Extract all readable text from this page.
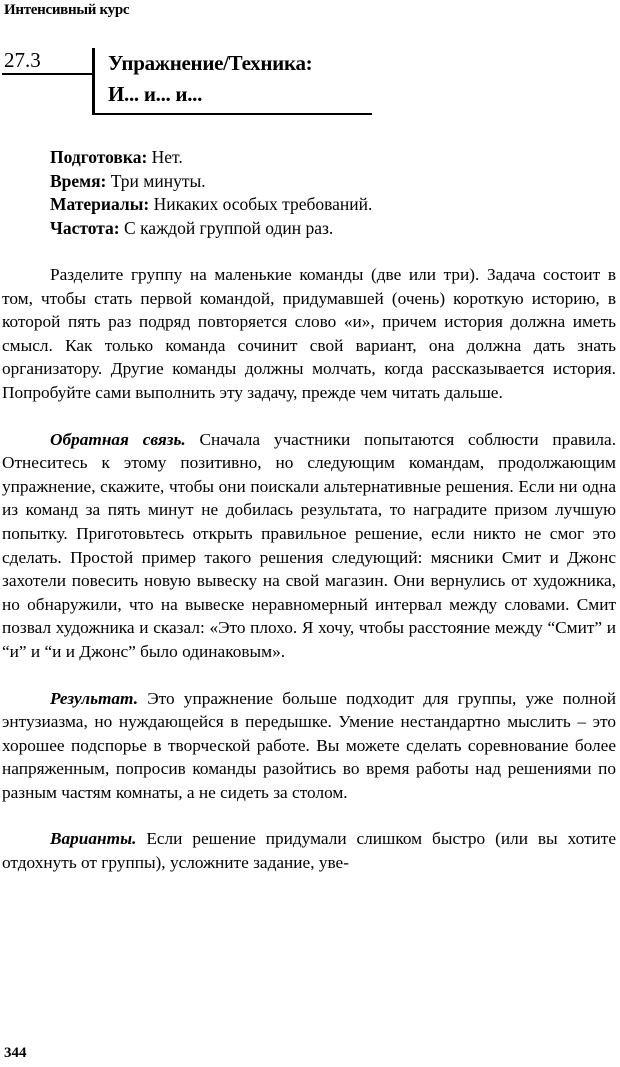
Интенсивный курс
27.3	Упражнение/Техника:
И... и... и...
Подготовка: Нет.
Время: Три минуты.
Материалы: Никаких особых требований.
Частота: С каждой группой один раз.

Разделите группу на маленькие команды (две или три). Задача состоит в том, чтобы стать первой командой, придумавшей (очень) короткую историю, в которой пять раз подряд повторяется слово «и», причем история должна иметь смысл. Как только команда сочинит свой вариант, она должна дать знать организатору. Другие команды должны молчать, когда рассказывается история. Попробуйте сами выполнить эту задачу, прежде чем читать дальше.

Обратная связь. Сначала участники попытаются соблюсти правила. Отнеситесь к этому позитивно, но следующим командам, продолжающим упражнение, скажите, чтобы они поискали альтернативные решения. Если ни одна из команд за пять минут не добилась результата, то наградите призом лучшую попытку. Приготовьтесь открыть правильное решение, если никто не смог это сделать. Простой пример такого решения следующий: мясники Смит и Джонс захотели повесить новую вывеску на свой магазин. Они вернулись от художника, но обнаружили, что на вывеске неравномерный интервал между словами. Смит позвал художника и сказал: «Это плохо. Я хочу, чтобы расстояние между “Смит” и “и” и “и и Джонс” было одинаковым».

Результат. Это упражнение больше подходит для группы, уже полной энтузиазма, но нуждающейся в передышке. Умение нестандартно мыслить – это хорошее подспорье в творческой работе. Вы можете сделать соревнование более напряженным, попросив команды разойтись во время работы над решениями по разным частям комнаты, а не сидеть за столом.

Варианты. Если решение придумали слишком быстро (или вы хотите отдохнуть от группы), усложните задание, уве-

344
